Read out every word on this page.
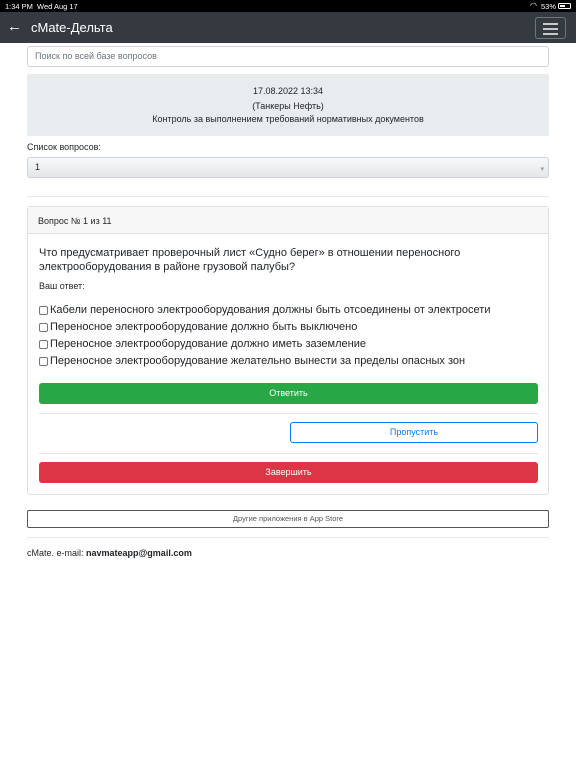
1:34 PM Wed Aug 17	◠ 53%
← cMate-Дельта
Поиск по всей базе вопросов
17.08.2022 13:34
(Танкеры Нефть)
Контроль за выполнением требований нормативных документов
Список вопросов:
1	▾
Вопрос № 1 из 11
Что предусматривает проверочный лист «Судно берег» в отношении переносного электрооборудования в районе грузовой палубы?
Ваш ответ:
Кабели переносного электрооборудования должны быть отсоединены от электросети
Переносное электрооборудование должно быть выключено
Переносное электрооборудование должно иметь заземление
Переносное электрооборудование желательно вынести за пределы опасных зон
Ответить
Пропустить
Завершить
Другие приложения в App Store
cMate. e-mail: navmateapp@gmail.com
